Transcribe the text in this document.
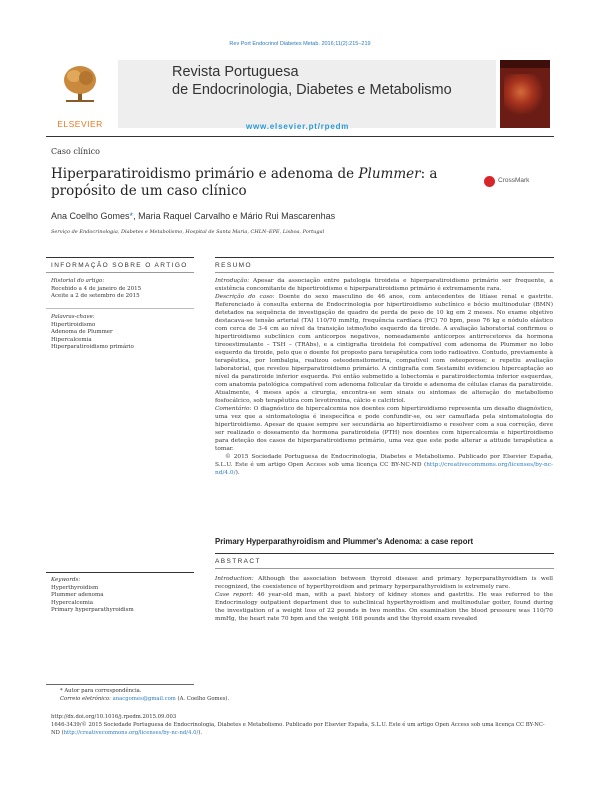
Rev Port Endocrinol Diabetes Metab. 2016;11(2):215–219
ELSEVIER
Revista Portuguesa
de Endocrinologia, Diabetes e Metabolismo
www.elsevier.pt/rpedm
Caso clínico
Hiperparatiroidismo primário e adenoma de Plummer: a propósito de um caso clínico
CrossMark
Ana Coelho Gomes*, Maria Raquel Carvalho e Mário Rui Mascarenhas
Serviço de Endocrinologia, Diabetes e Metabolismo, Hospital de Santa Maria, CHLN–EPE, Lisboa, Portugal
INFORMAÇÃO SOBRE O ARTIGO
Historial do artigo:
Recebido a 4 de janeiro de 2015
Aceite a 2 de setembro de 2015
Palavras-chave:
Hipertiroidismo
Adenoma de Plummer
Hipercalcemia
Hiperparatiroidismo primário
RESUMO
Introdução: Apesar da associação entre patologia tiroideia e hiperparatiroidismo primário ser frequente, a existência concomitante de hipertiroidismo e hiperparatiroidismo primário é extremamente rara.
Descrição do caso: Doente do sexo masculino de 46 anos, com antecedentes de litíase renal e gastrite. Referenciado à consulta externa de Endocrinologia por hipertiroidismo subclínico e bócio multinodular (BMN) detetados na sequência de investigação de quadro de perda de peso de 10 kg em 2 meses. No exame objetivo destacava-se tensão arterial (TA) 110/70 mmHg, frequência cardíaca (FC) 70 bpm, peso 76 kg e nódulo elástico com cerca de 3-4 cm ao nível da transição istmo/lobo esquerdo da tiroide. A avaliação laboratorial confirmou o hipertiroidismo subclínico com anticorpos negativos, nomeadamente anticorpos antirrecetores da hormona tireoestimulante – TSH – (TRAbs), e a cintigrafia tiroideia foi compatível com adenoma de Plummer no lobo esquerdo da tiroide, pelo que o doente foi proposto para terapêutica com iodo radioativo. Contudo, previamente à terapêutica, por lombalgia, realizou osteodensitometria, compatível com osteoporose; e repetiu avaliação laboratorial, que revelou hiperparatiroidismo primário. A cintigrafia com Sestamibi evidenciou hipercaptação ao nível da paratiroide inferior esquerda. Foi então submetido a lobectomia e paratiroidectomia inferior esquerdas, com anatomia patológica compatível com adenoma folicular da tiroide e adenoma de células claras da paratiroide. Atualmente, 4 meses após a cirurgia, encontra-se sem sinais ou sintomas de alteração do metabolismo fosfocálcico, sob terapêutica com levotiroxina, cálcio e calcitriol.
Comentário: O diagnóstico de hipercalcemia nos doentes com hipertiroidismo representa um desafio diagnóstico, uma vez que a sintomatologia é inespecífica e pode confundir-se, ou ser camuflada pela sintomatologia do hipertiroidismo. Apesar de quase sempre ser secundária ao hipertiroidismo e resolver com a sua correção, deve ser realizado o doseamento da hormona paratiroideia (PTH) nos doentes com hipercalcemia e hipertiroidismo para deteção dos casos de hiperparatiroidismo primário, uma vez que este pode alterar a atitude terapêutica a tomar.
© 2015 Sociedade Portuguesa de Endocrinologia, Diabetes e Metabolismo. Publicado por Elsevier España, S.L.U. Este é um artigo Open Access sob uma licença CC BY-NC-ND (http://creativecommons.org/licenses/by-nc-nd/4.0/).
Primary Hyperparathyroidism and Plummer's Adenoma: a case report
ABSTRACT
Keywords:
Hyperthyroidism
Plummer adenoma
Hypercalcemia
Primary hyperparathyroidism
Introduction: Although the association between thyroid disease and primary hyperparathyroidism is well recognized, the coexistence of hyperthyroidism and primary hyperparathyroidism is extremely rare.
Case report: 46 year-old man, with a past history of kidney stones and gastritis. He was referred to the Endocrinology outpatient department due to subclinical hyperthyroidism and multinodular goiter, found during the investigation of a weight loss of 22 pounds in two months. On examination the blood pressure was 110/70 mmHg, the heart rate 70 bpm and the weight 168 pounds and the thyroid exam revealed
* Autor para correspondência.
Correio eletrónico: anacgomes@gmail.com (A. Coelho Gomes).
http://dx.doi.org/10.1016/j.rpedm.2015.09.003
1646-3439/© 2015 Sociedade Portuguesa de Endocrinologia, Diabetes e Metabolismo. Publicado por Elsevier España, S.L.U. Este é um artigo Open Access sob uma licença CC BY-NC-ND (http://creativecommons.org/licenses/by-nc-nd/4.0/).
